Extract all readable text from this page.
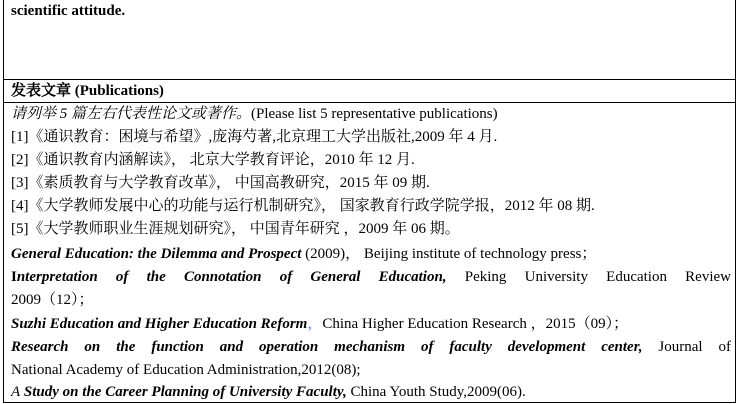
scientific attitude.
发表文章 (Publications)
请列举 5 篇左右代表性论文或著作。(Please list 5 representative publications)
[1]《通识教育：困境与希望》,庞海芍著,北京理工大学出版社,2009 年 4 月.
[2]《通识教育内涵解读》， 北京大学教育评论，2010 年 12 月.
[3]《素质教育与大学教育改革》， 中国高教研究，2015 年 09 期.
[4]《大学教师发展中心的功能与运行机制研究》， 国家教育行政学院学报，2012 年 08 期.
[5]《大学教师职业生涯规划研究》， 中国青年研究 ，2009 年 06 期。
General Education: the Dilemma and Prospect (2009)， Beijing institute of technology press；
Interpretation of the Connotation of General Education, Peking University Education Review
2009（12）；
Suzhi Education and Higher Education Reform，China Higher Education Research ，2015（09）；
Research on the function and operation mechanism of faculty development center, Journal of
National Academy of Education Administration,2012(08);
A Study on the Career Planning of University Faculty, China Youth Study,2009(06).
